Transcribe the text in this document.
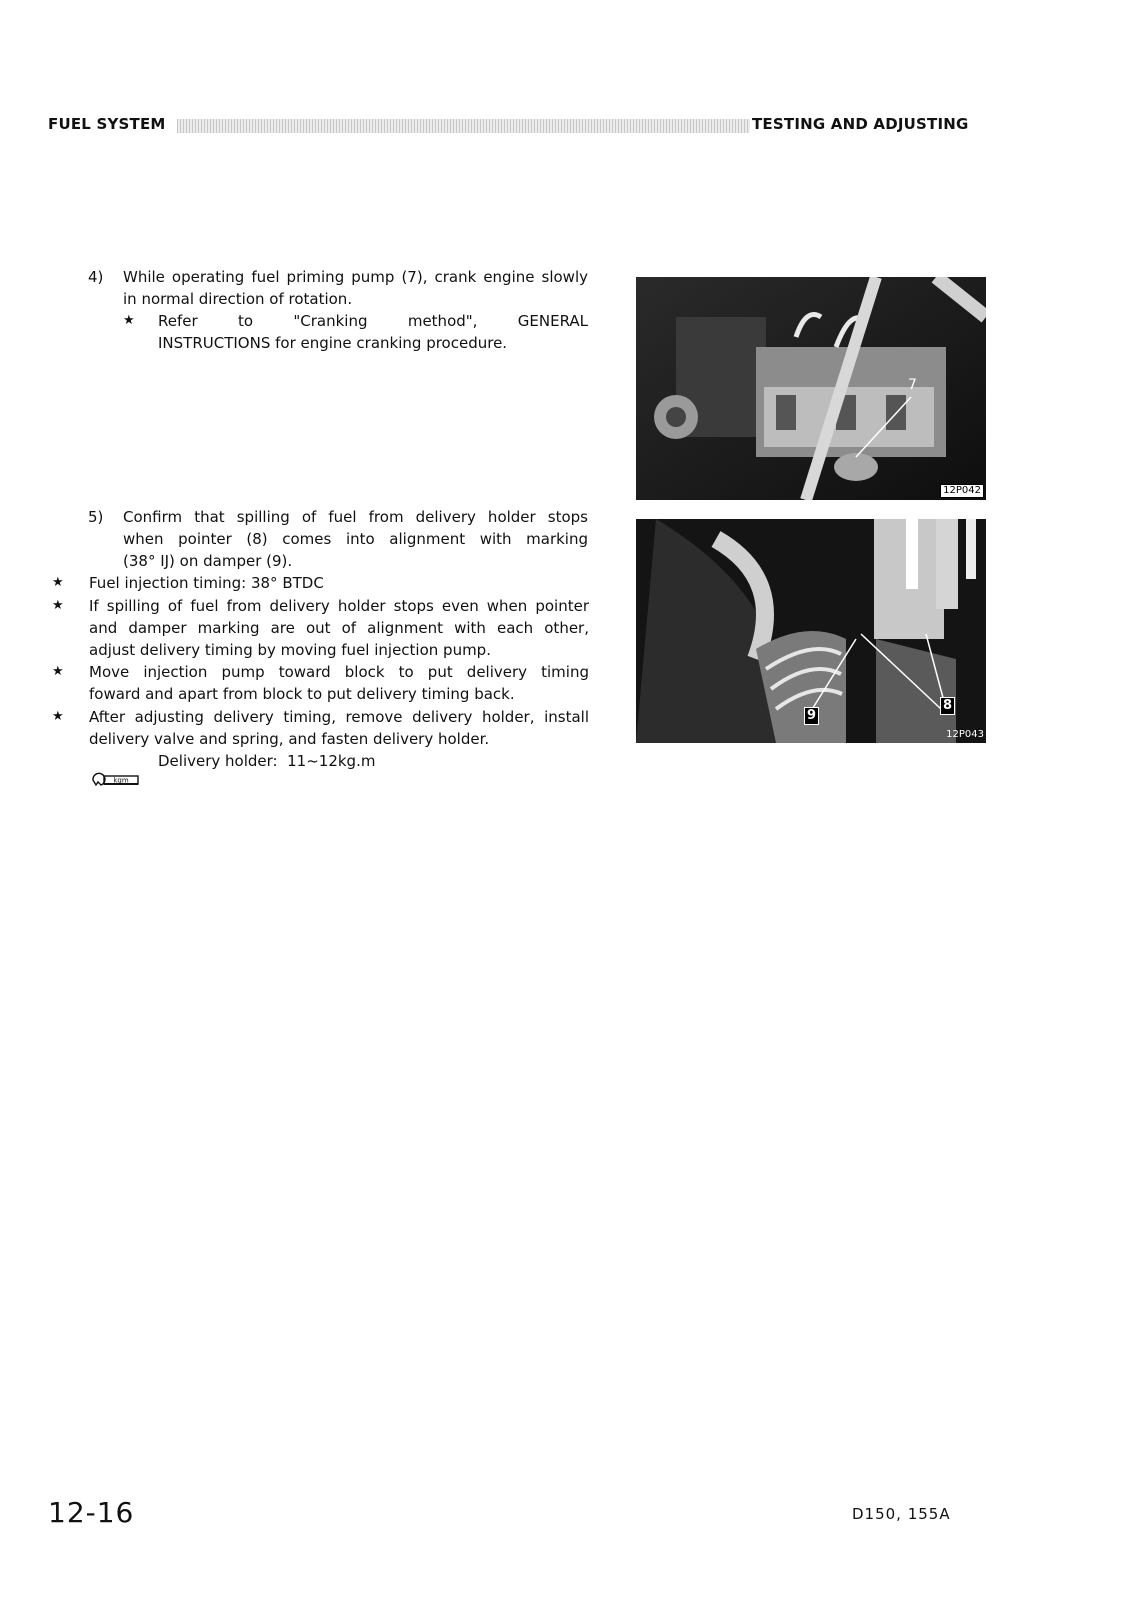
FUEL SYSTEM	TESTING AND ADJUSTING
4) While operating fuel priming pump (7), crank engine slowly
in normal direction of rotation.
★ Refer to "Cranking method", GENERAL
INSTRUCTIONS for engine cranking procedure.
5) Confirm that spilling of fuel from delivery holder stops
when pointer (8) comes into alignment with marking
(38° IJ) on damper (9).
★ Fuel injection timing: 38° BTDC
★ If spilling of fuel from delivery holder stops even when pointer
and damper marking are out of alignment with each other,
adjust delivery timing by moving fuel injection pump.
★ Move injection pump toward block to put delivery timing
foward and apart from block to put delivery timing back.
★ After adjusting delivery timing, remove delivery holder, install
delivery valve and spring, and fasten delivery holder.
kgm
Delivery holder:  11~12kg.m
7
12P042
9
8
12P043
12-16	D150, 155A
